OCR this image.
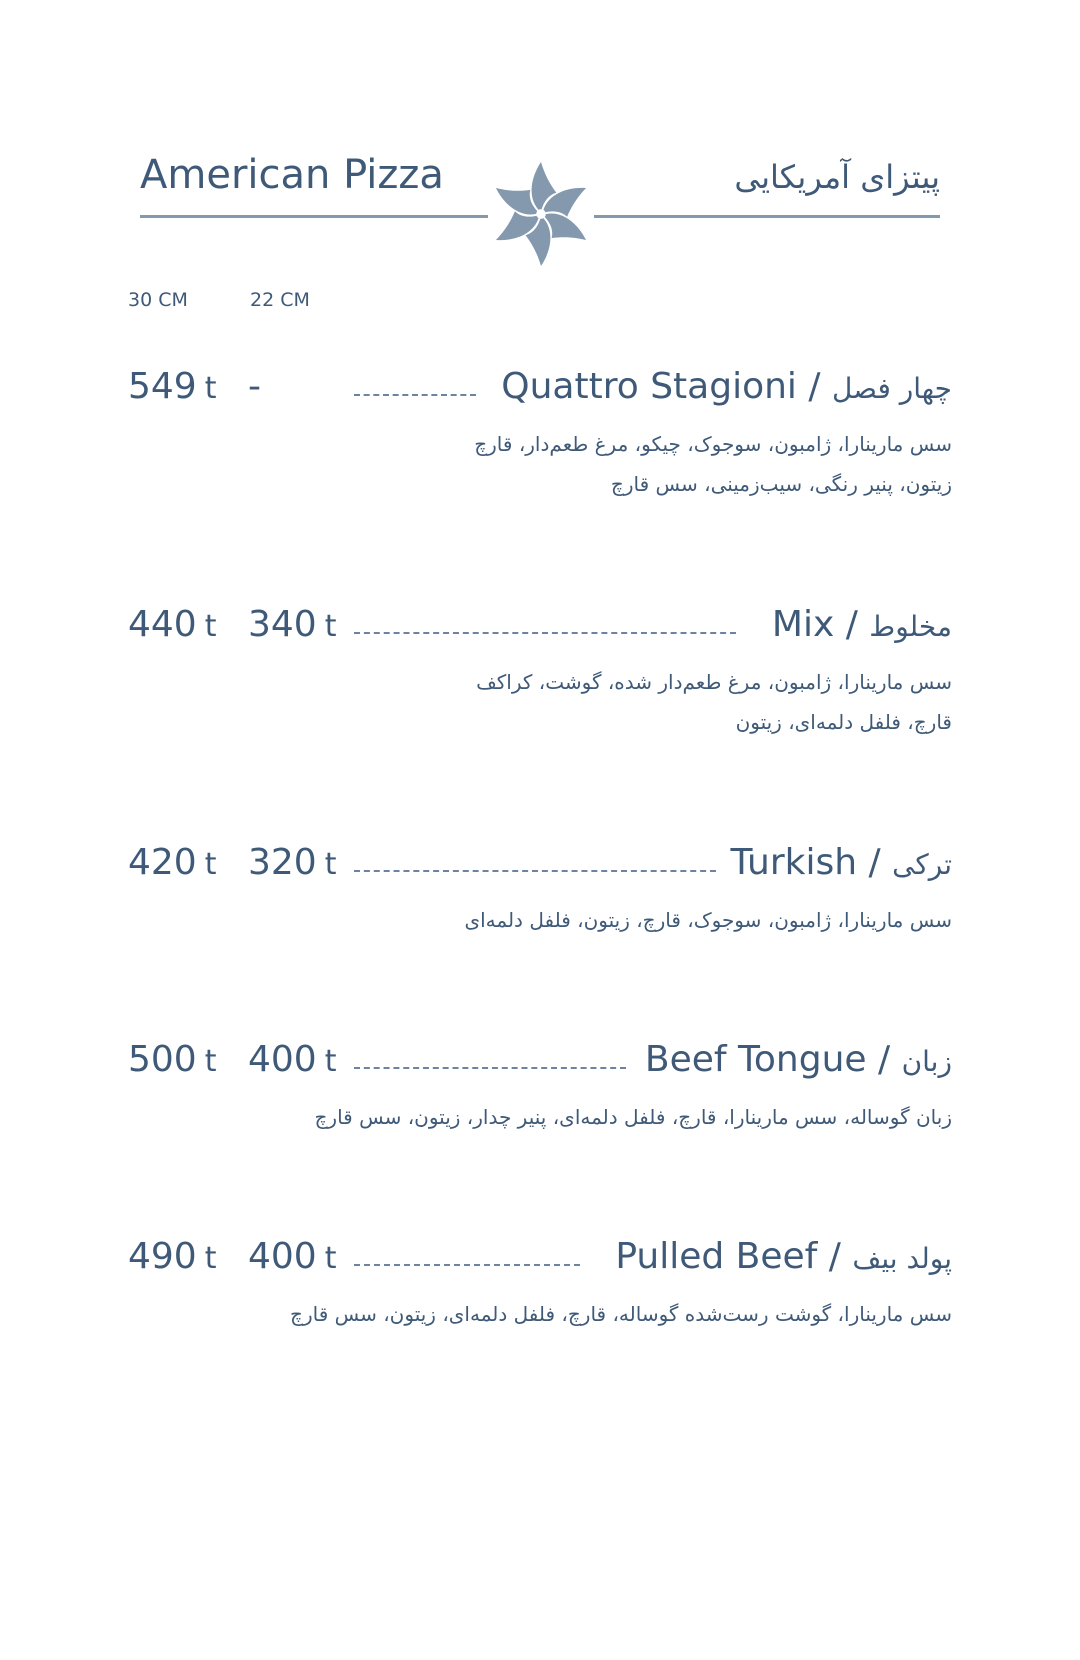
American Pizza	پیتزای آمریکایی
30 CM	22 CM
549 t -	Quattro Stagioni / چهار فصل
سس مارینارا، ژامبون، سوجوک، چیکو، مرغ طعم‌دار، قارچ
زیتون، پنیر رنگی، سیب‌زمینی، سس قارچ
440 t 340 t	Mix / مخلوط
سس مارینارا، ژامبون، مرغ طعم‌دار شده، گوشت، کراکف
قارچ، فلفل دلمه‌ای، زیتون
420 t 320 t	Turkish / ترکی
سس مارینارا، ژامبون، سوجوک، قارچ، زیتون، فلفل دلمه‌ای
500 t 400 t	Beef Tongue / زبان
زبان گوساله، سس مارینارا، قارچ، فلفل دلمه‌ای، پنیر چدار، زیتون، سس قارچ
490 t 400 t	Pulled Beef / پولد بیف
سس مارینارا، گوشت رست‌شده گوساله، قارچ، فلفل دلمه‌ای، زیتون، سس قارچ
